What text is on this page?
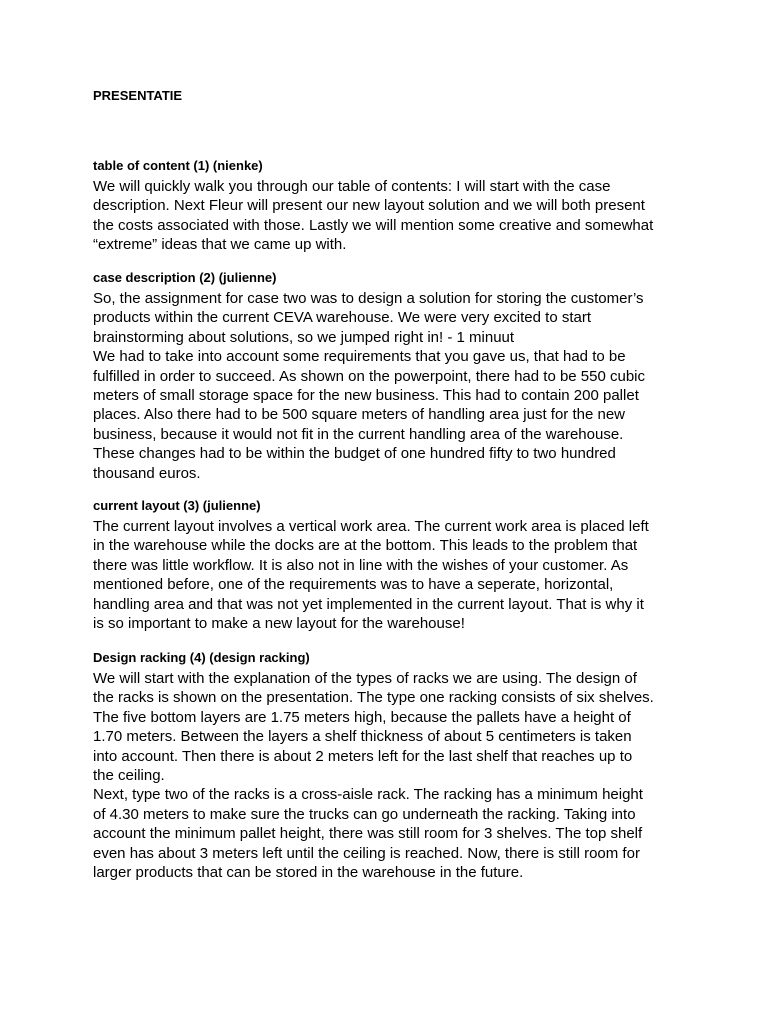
PRESENTATIE

table of content (1) (nienke)

We will quickly walk you through our table of contents: I will start with the case
description. Next Fleur will present our new layout solution and we will both present
the costs associated with those. Lastly we will mention some creative and somewhat
“extreme” ideas that we came up with.

case description (2) (julienne)

So, the assignment for case two was to design a solution for storing the customer’s
products within the current CEVA warehouse. We were very excited to start
brainstorming about solutions, so we jumped right in! - 1 minuut

We had to take into account some requirements that you gave us, that had to be
fulfilled in order to succeed. As shown on the powerpoint, there had to be 550 cubic
meters of small storage space for the new business. This had to contain 200 pallet
places. Also there had to be 500 square meters of handling area just for the new
business, because it would not fit in the current handling area of the warehouse.
These changes had to be within the budget of one hundred fifty to two hundred
thousand euros.

current layout (3) (julienne)

The current layout involves a vertical work area. The current work area is placed left
in the warehouse while the docks are at the bottom. This leads to the problem that
there was little workflow. It is also not in line with the wishes of your customer. As
mentioned before, one of the requirements was to have a seperate, horizontal,
handling area and that was not yet implemented in the current layout. That is why it
is so important to make a new layout for the warehouse!

Design racking (4) (design racking)

We will start with the explanation of the types of racks we are using. The design of
the racks is shown on the presentation. The type one racking consists of six shelves.
The five bottom layers are 1.75 meters high, because the pallets have a height of
1.70 meters. Between the layers a shelf thickness of about 5 centimeters is taken
into account. Then there is about 2 meters left for the last shelf that reaches up to
the ceiling.

Next, type two of the racks is a cross-aisle rack. The racking has a minimum height
of 4.30 meters to make sure the trucks can go underneath the racking. Taking into
account the minimum pallet height, there was still room for 3 shelves. The top shelf
even has about 3 meters left until the ceiling is reached. Now, there is still room for
larger products that can be stored in the warehouse in the future.
